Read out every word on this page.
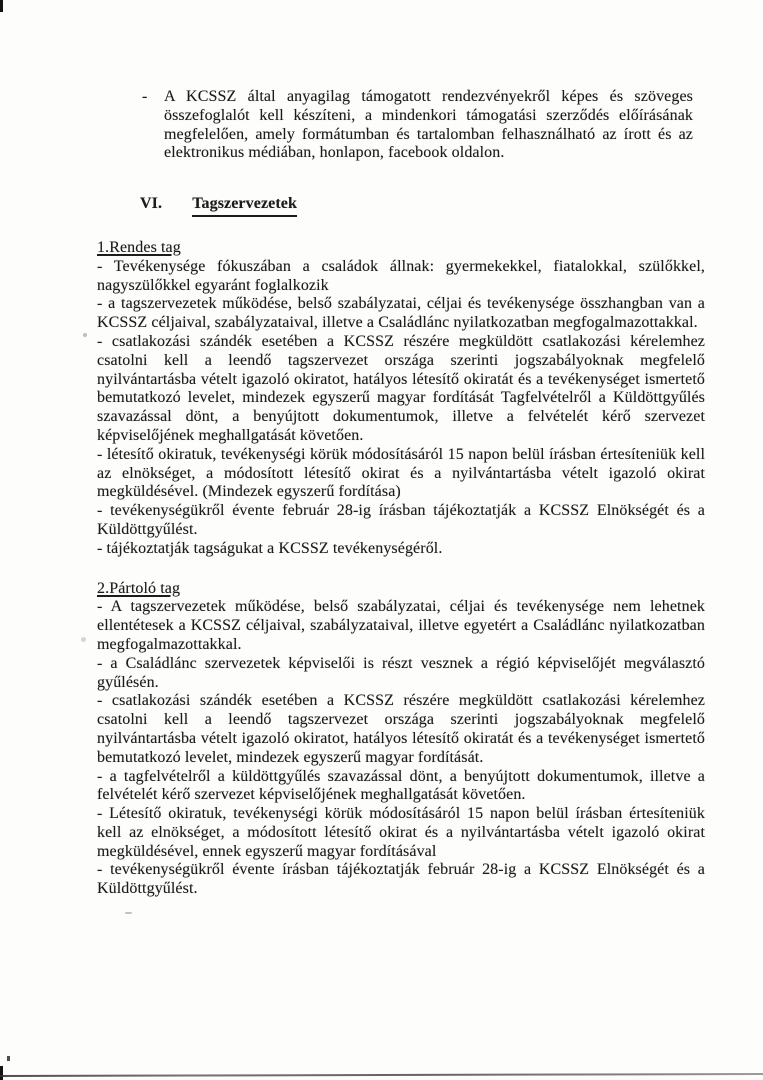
-	A KCSSZ által anyagilag támogatott rendezvényekről képes és szöveges összefoglalót kell készíteni, a mindenkori támogatási szerződés előírásának megfelelően, amely formátumban és tartalomban felhasználható az írott és az elektronikus médiában, honlapon, facebook oldalon.

VI. Tagszervezetek

1.Rendes tag

- Tevékenysége fókuszában a családok állnak: gyermekekkel, fiatalokkal, szülőkkel, nagyszülőkkel egyaránt foglalkozik

- a tagszervezetek működése, belső szabályzatai, céljai és tevékenysége összhangban van a KCSSZ céljaival, szabályzataival, illetve a Családlánc nyilatkozatban megfogalmazottakkal.

- csatlakozási szándék esetében a KCSSZ részére megküldött csatlakozási kérelemhez csatolni kell a leendő tagszervezet országa szerinti jogszabályoknak megfelelő nyilvántartásba vételt igazoló okiratot, hatályos létesítő okiratát és a tevékenységet ismertető bemutatkozó levelet, mindezek egyszerű magyar fordítását Tagfelvételről a Küldöttgyűlés szavazással dönt, a benyújtott dokumentumok, illetve a felvételét kérő szervezet képviselőjének meghallgatását követően.

- létesítő okiratuk, tevékenységi körük módosításáról 15 napon belül írásban értesíteniük kell az elnökséget, a módosított létesítő okirat és a nyilvántartásba vételt igazoló okirat megküldésével. (Mindezek egyszerű fordítása)

- tevékenységükről évente február 28-ig írásban tájékoztatják a KCSSZ Elnökségét és a Küldöttgyűlést.

- tájékoztatják tagságukat a KCSSZ tevékenységéről.

2.Pártoló tag

- A tagszervezetek működése, belső szabályzatai, céljai és tevékenysége nem lehetnek ellentétesek a KCSSZ céljaival, szabályzataival, illetve egyetért a Családlánc nyilatkozatban megfogalmazottakkal.

- a Családlánc szervezetek képviselői is részt vesznek a régió képviselőjét megválasztó gyűlésén.

- csatlakozási szándék esetében a KCSSZ részére megküldött csatlakozási kérelemhez csatolni kell a leendő tagszervezet országa szerinti jogszabályoknak megfelelő nyilvántartásba vételt igazoló okiratot, hatályos létesítő okiratát és a tevékenységet ismertető bemutatkozó levelet, mindezek egyszerű magyar fordítását.

- a tagfelvételről a küldöttgyűlés szavazással dönt, a benyújtott dokumentumok, illetve a felvételét kérő szervezet képviselőjének meghallgatását követően.

- Létesítő okiratuk, tevékenységi körük módosításáról 15 napon belül írásban értesíteniük kell az elnökséget, a módosított létesítő okirat és a nyilvántartásba vételt igazoló okirat megküldésével, ennek egyszerű magyar fordításával

- tevékenységükről évente írásban tájékoztatják február 28-ig a KCSSZ Elnökségét és a Küldöttgyűlést.
